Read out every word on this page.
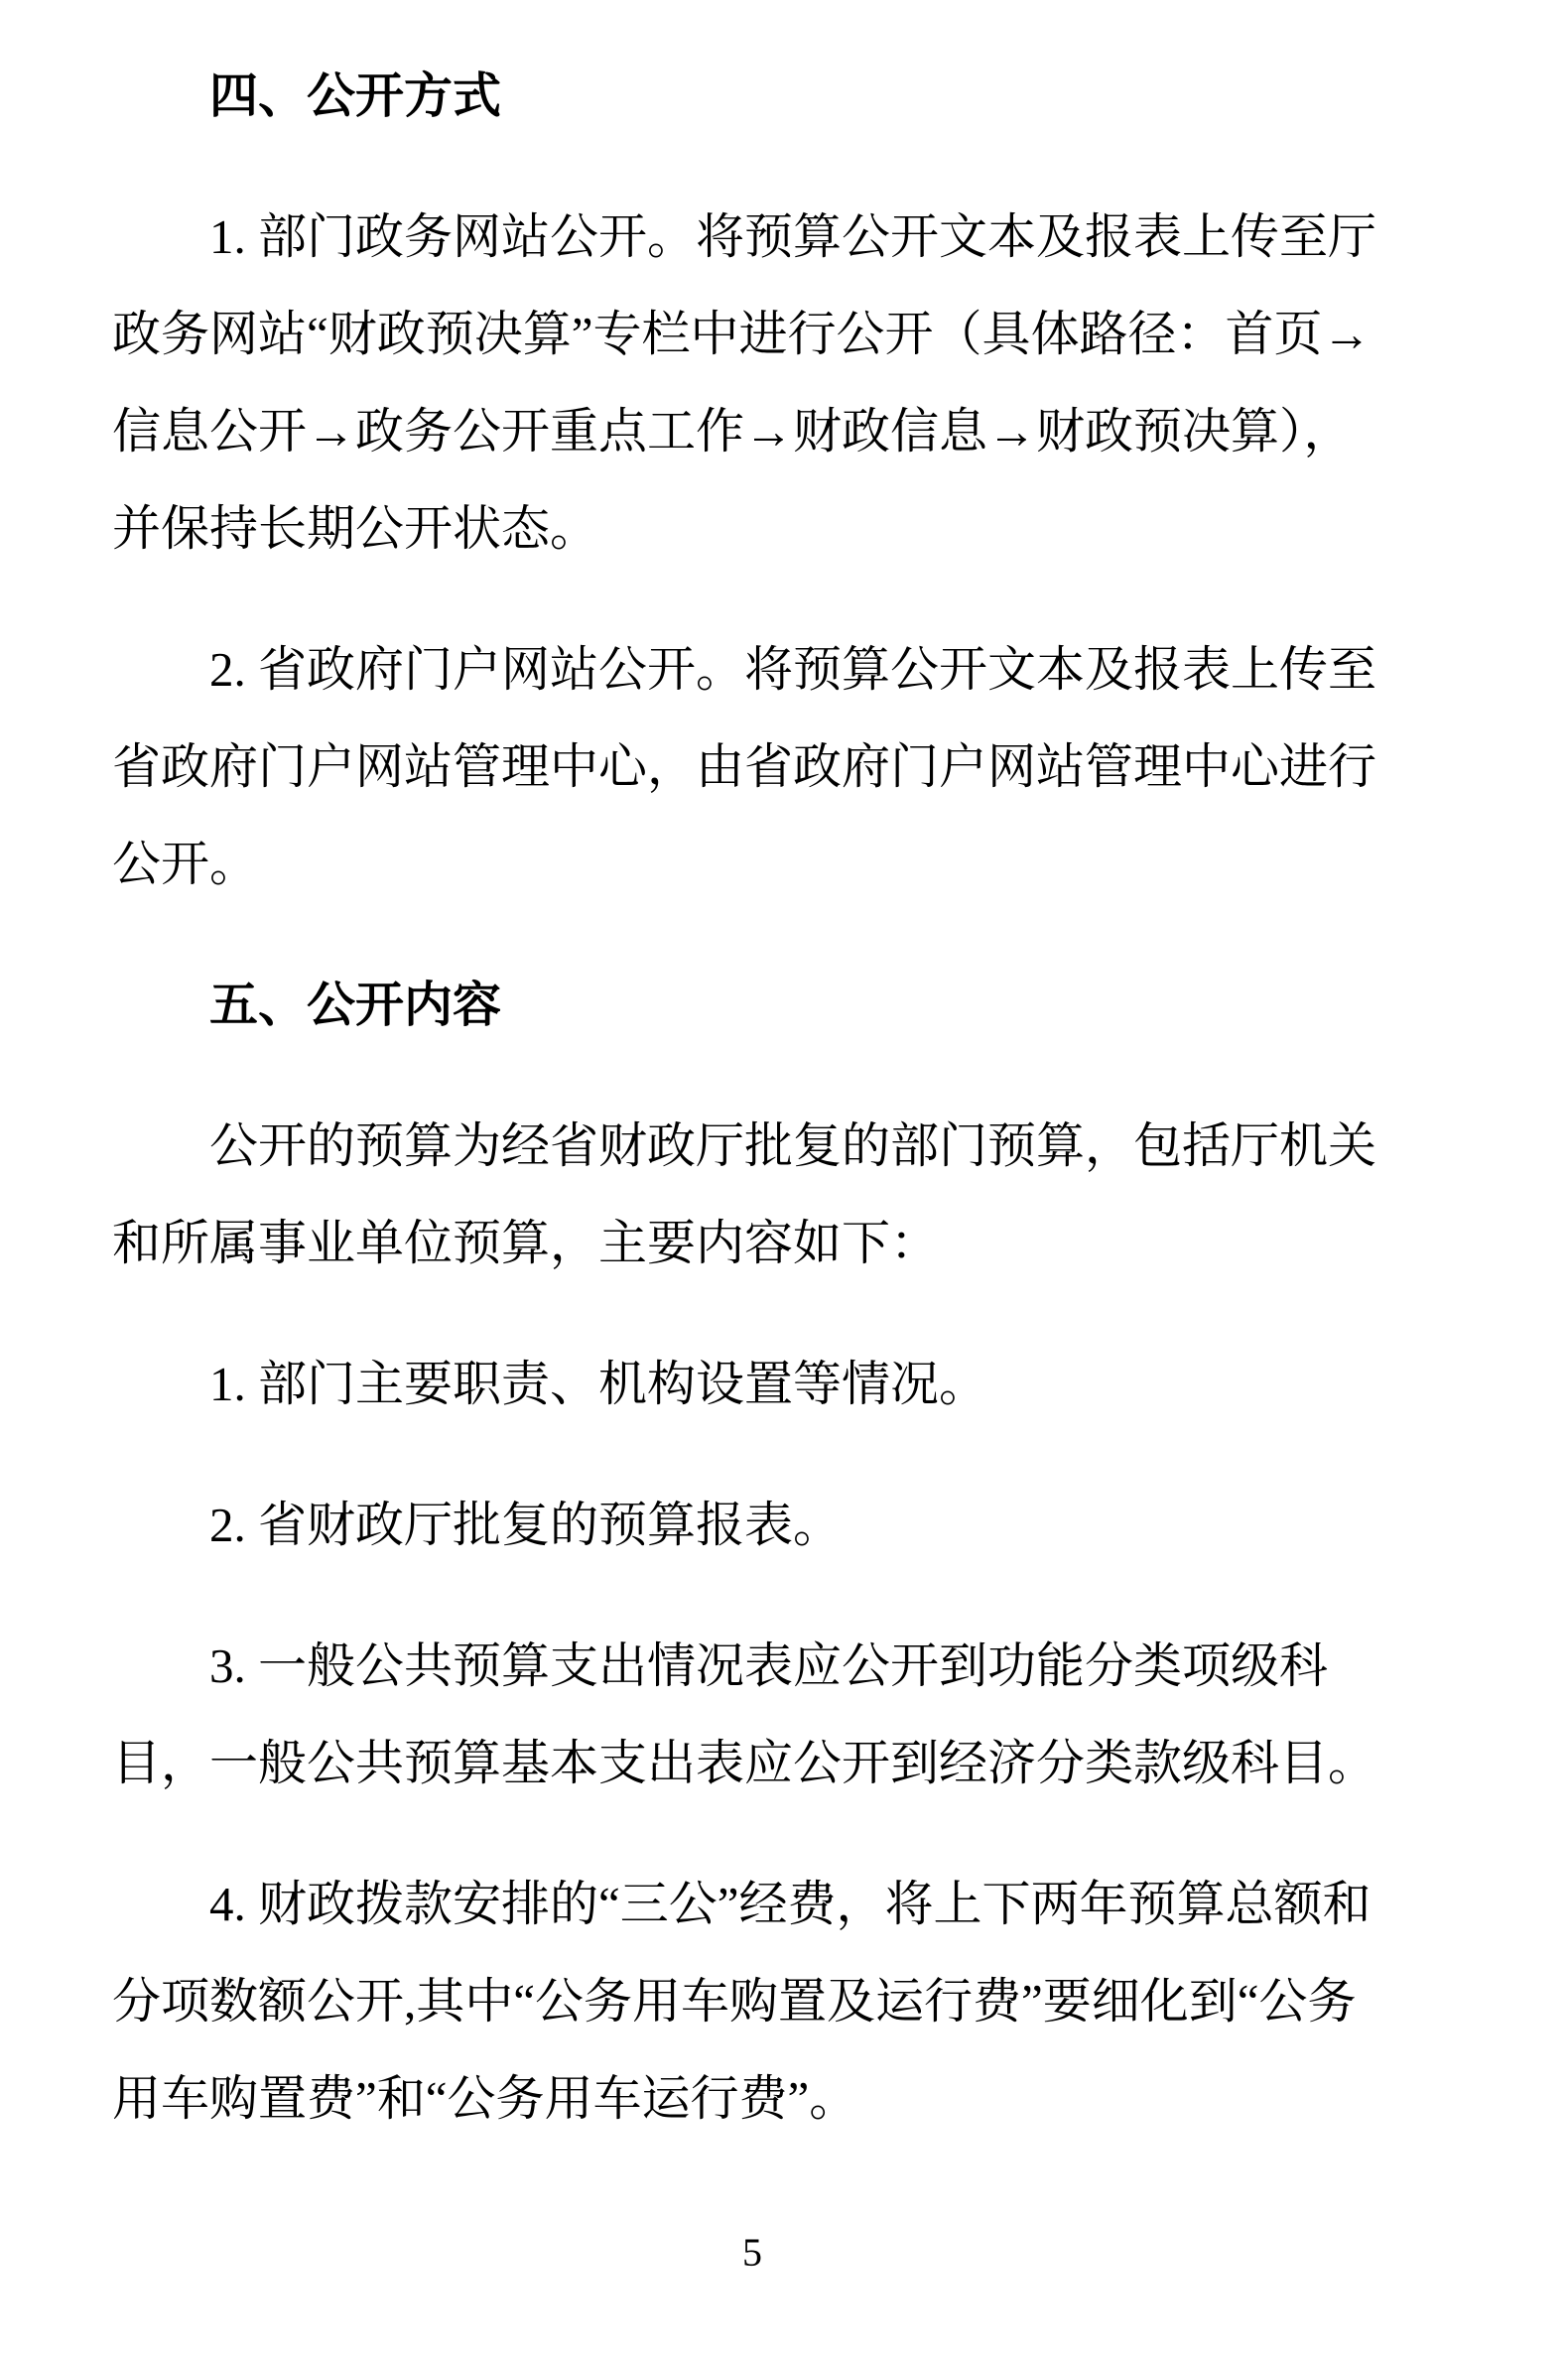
四、公开方式
1. 部门政务网站公开。将预算公开文本及报表上传至厅
政务网站“财政预决算”专栏中进行公开（具体路径：首页→
信息公开→政务公开重点工作→财政信息→财政预决算），
并保持长期公开状态。
2. 省政府门户网站公开。将预算公开文本及报表上传至
省政府门户网站管理中心，由省政府门户网站管理中心进行
公开。
五、公开内容
公开的预算为经省财政厅批复的部门预算，包括厅机关
和所属事业单位预算，主要内容如下：
1. 部门主要职责、机构设置等情况。
2. 省财政厅批复的预算报表。
3. 一般公共预算支出情况表应公开到功能分类项级科
目，一般公共预算基本支出表应公开到经济分类款级科目。
4. 财政拨款安排的“三公”经费，将上下两年预算总额和
分项数额公开,其中“公务用车购置及运行费”要细化到“公务
用车购置费”和“公务用车运行费”。
5
